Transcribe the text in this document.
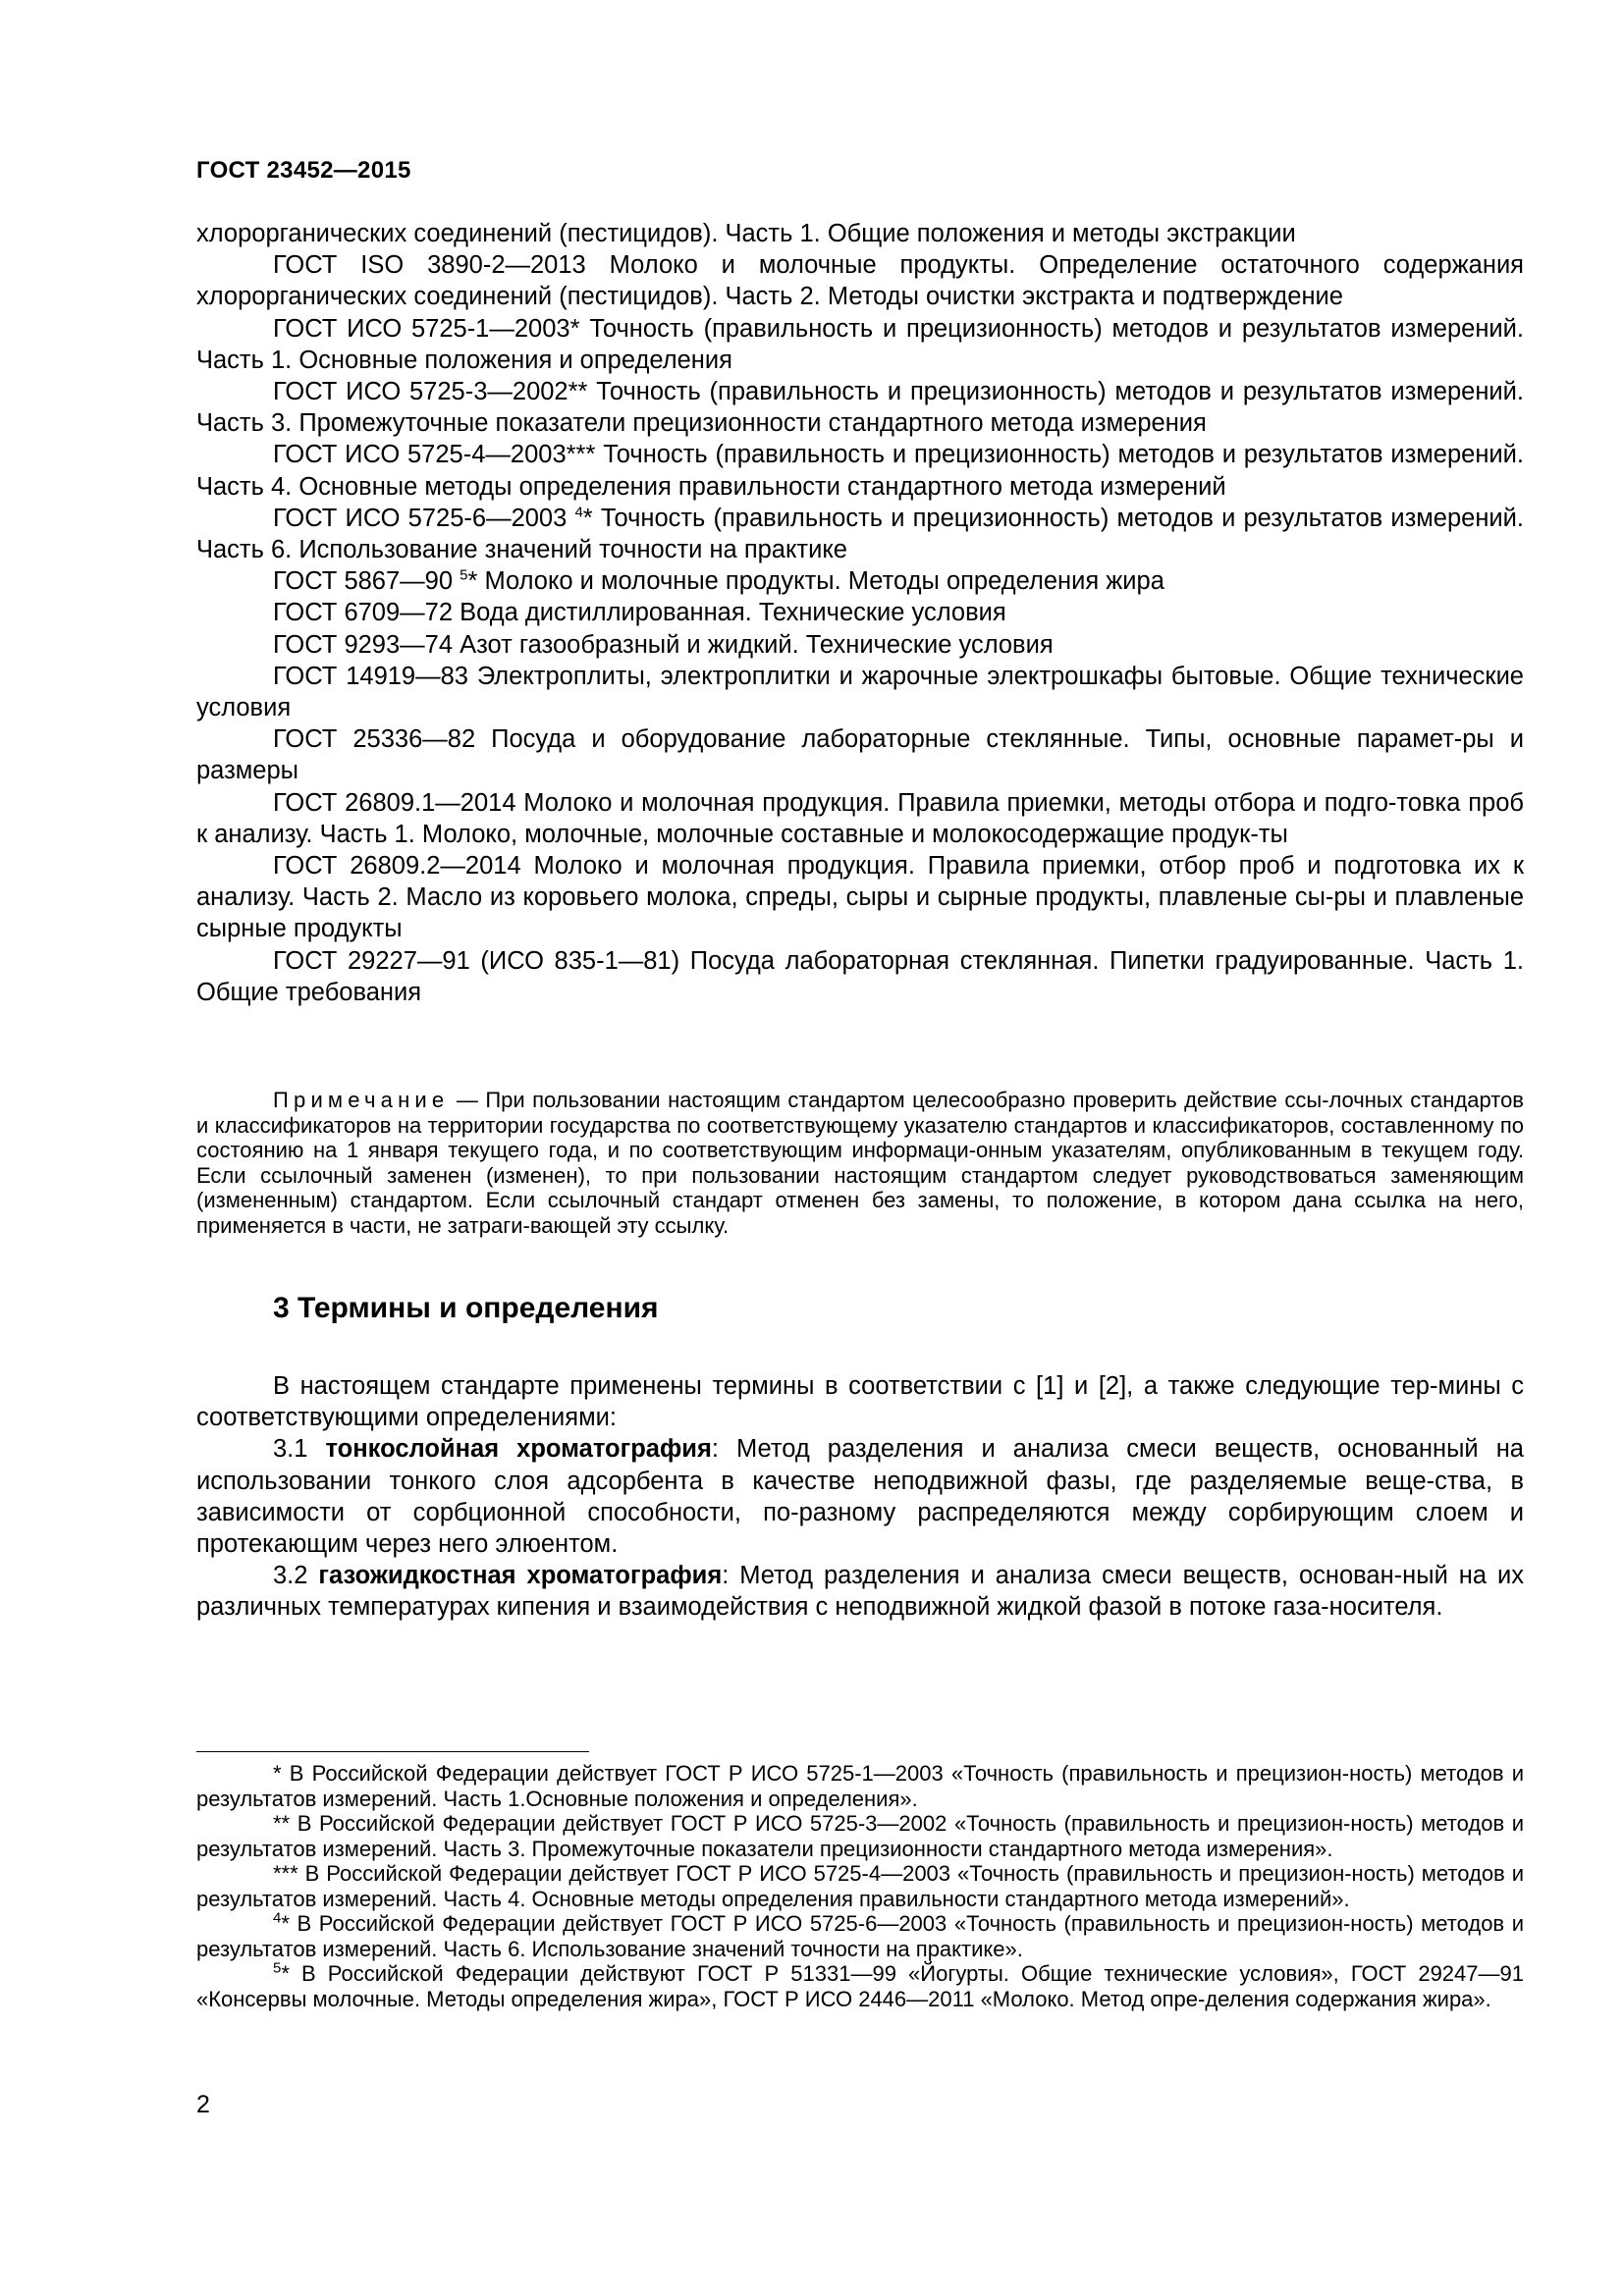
ГОСТ 23452—2015

хлорорганических соединений (пестицидов). Часть 1. Общие положения и методы экстракции

ГОСТ ISO 3890-2—2013 Молоко и молочные продукты. Определение остаточного содержания хлорорганических соединений (пестицидов). Часть 2. Методы очистки экстракта и подтверждение

ГОСТ ИСО 5725-1—2003* Точность (правильность и прецизионность) методов и результатов измерений. Часть 1. Основные положения и определения

ГОСТ ИСО 5725-3—2002** Точность (правильность и прецизионность) методов и результатов измерений. Часть 3. Промежуточные показатели прецизионности стандартного метода измерения

ГОСТ ИСО 5725-4—2003*** Точность (правильность и прецизионность) методов и результатов измерений. Часть 4. Основные методы определения правильности стандартного метода измерений

ГОСТ ИСО 5725-6—2003 $^4$* Точность (правильность и прецизионность) методов и результатов измерений. Часть 6. Использование значений точности на практике

ГОСТ 5867—90 $^5$* Молоко и молочные продукты. Методы определения жира

ГОСТ 6709—72 Вода дистиллированная. Технические условия

ГОСТ 9293—74 Азот газообразный и жидкий. Технические условия

ГОСТ 14919—83 Электроплиты, электроплитки и жарочные электрошкафы бытовые. Общие технические условия

ГОСТ 25336—82 Посуда и оборудование лабораторные стеклянные. Типы, основные парамет-ры и размеры

ГОСТ 26809.1—2014 Молоко и молочная продукция. Правила приемки, методы отбора и подго-товка проб к анализу. Часть 1. Молоко, молочные, молочные составные и молокосодержащие продук-ты

ГОСТ 26809.2—2014 Молоко и молочная продукция. Правила приемки, отбор проб и подготовка их к анализу. Часть 2. Масло из коровьего молока, спреды, сыры и сырные продукты, плавленые сы-ры и плавленые сырные продукты

ГОСТ 29227—91 (ИСО 835-1—81) Посуда лабораторная стеклянная. Пипетки градуированные. Часть 1. Общие требования

Примечание — При пользовании настоящим стандартом целесообразно проверить действие ссы-лочных стандартов и классификаторов на территории государства по соответствующему указателю стандартов и классификаторов, составленному по состоянию на 1 января текущего года, и по соответствующим информаци-онным указателям, опубликованным в текущем году. Если ссылочный заменен (изменен), то при пользовании настоящим стандартом следует руководствоваться заменяющим (измененным) стандартом. Если ссылочный стандарт отменен без замены, то положение, в котором дана ссылка на него, применяется в части, не затраги-вающей эту ссылку.

3 Термины и определения

В настоящем стандарте применены термины в соответствии с [1] и [2], а также следующие тер-мины с соответствующими определениями:

3.1 тонкослойная хроматография: Метод разделения и анализа смеси веществ, основанный на использовании тонкого слоя адсорбента в качестве неподвижной фазы, где разделяемые веще-ства, в зависимости от сорбционной способности, по-разному распределяются между сорбирующим слоем и протекающим через него элюентом.

3.2 газожидкостная хроматография: Метод разделения и анализа смеси веществ, основан-ный на их различных температурах кипения и взаимодействия с неподвижной жидкой фазой в потоке газа-носителя.

* В Российской Федерации действует ГОСТ Р ИСО 5725-1—2003 «Точность (правильность и прецизион-ность) методов и результатов измерений. Часть 1.Основные положения и определения».

** В Российской Федерации действует ГОСТ Р ИСО 5725-3—2002 «Точность (правильность и прецизион-ность) методов и результатов измерений. Часть 3. Промежуточные показатели прецизионности стандартного метода измерения».

*** В Российской Федерации действует ГОСТ Р ИСО 5725-4—2003 «Точность (правильность и прецизион-ность) методов и результатов измерений. Часть 4. Основные методы определения правильности стандартного метода измерений».

$^4$* В Российской Федерации действует ГОСТ Р ИСО 5725-6—2003 «Точность (правильность и прецизион-ность) методов и результатов измерений. Часть 6. Использование значений точности на практике».

$^5$* В Российской Федерации действуют ГОСТ Р 51331—99 «Йогурты. Общие технические условия», ГОСТ 29247—91 «Консервы молочные. Методы определения жира», ГОСТ Р ИСО 2446—2011 «Молоко. Метод опре-деления содержания жира».

2
